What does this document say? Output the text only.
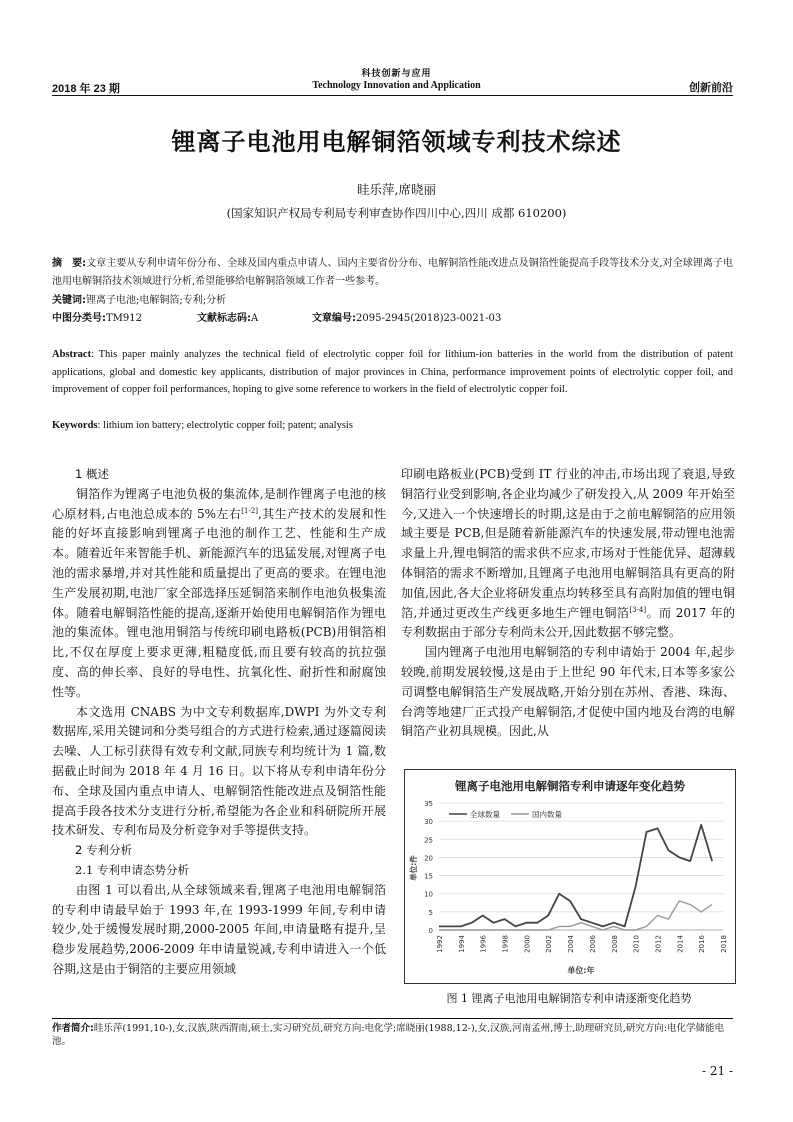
科技创新与应用
2018 年 23 期	Technology Innovation and Application	创新前沿
锂离子电池用电解铜箔领域专利技术综述
眭乐萍,席晓丽
(国家知识产权局专利局专利审查协作四川中心,四川 成都 610200)
摘　要:文章主要从专利申请年份分布、全球及国内重点申请人、国内主要省份分布、电解铜箔性能改进点及铜箔性能提高手段等技术分支,对全球锂离子电池用电解铜箔技术领域进行分析,希望能够给电解铜箔领域工作者一些参考。
关键词:锂离子电池;电解铜箔;专利;分析
中图分类号:TM912	文献标志码:A	文章编号:2095-2945(2018)23-0021-03
Abstract: This paper mainly analyzes the technical field of electrolytic copper foil for lithium-ion batteries in the world from the distribution of patent applications, global and domestic key applicants, distribution of major provinces in China, performance improvement points of electrolytic copper foil, and improvement of copper foil performances, hoping to give some reference to workers in the field of electrolytic copper foil.
Keywords: lithium ion battery; electrolytic copper foil; patent; analysis
1 概述

铜箔作为锂离子电池负极的集流体,是制作锂离子电池的核心原材料,占电池总成本的 5%左右[1-2],其生产技术的发展和性能的好坏直接影响到锂离子电池的制作工艺、性能和生产成本。随着近年来智能手机、新能源汽车的迅猛发展,对锂离子电池的需求暴增,并对其性能和质量提出了更高的要求。在锂电池生产发展初期,电池厂家全部选择压延铜箔来制作电池负极集流体。随着电解铜箔性能的提高,逐渐开始使用电解铜箔作为锂电池的集流体。锂电池用铜箔与传统印刷电路板(PCB)用铜箔相比,不仅在厚度上要求更薄,粗糙度低,而且要有较高的抗拉强度、高的伸长率、良好的导电性、抗氧化性、耐折性和耐腐蚀性等。

本文选用 CNABS 为中文专利数据库,DWPI 为外文专利数据库,采用关键词和分类号组合的方式进行检索,通过逐篇阅读去噪、人工标引获得有效专利文献,同族专利均统计为 1 篇,数据截止时间为 2018 年 4 月 16 日。以下将从专利申请年份分布、全球及国内重点申请人、电解铜箔性能改进点及铜箔性能提高手段各技术分支进行分析,希望能为各企业和科研院所开展技术研发、专利布局及分析竞争对手等提供支持。

2 专利分析
2.1 专利申请态势分析

由图 1 可以看出,从全球领域来看,锂离子电池用电解铜箔的专利申请最早始于 1993 年,在 1993-1999 年间,专利申请较少,处于缓慢发展时期,2000-2005 年间,申请量略有提升,呈稳步发展趋势,2006-2009 年申请量锐减,专利申请进入一个低谷期,这是由于铜箔的主要应用领域

印刷电路板业(PCB)受到 IT 行业的冲击,市场出现了衰退,导致铜箔行业受到影响,各企业均减少了研发投入,从 2009 年开始至今,又进入一个快速增长的时期,这是由于之前电解铜箔的应用领域主要是 PCB,但是随着新能源汽车的快速发展,带动锂电池需求量上升,锂电铜箔的需求供不应求,市场对于性能优异、超薄载体铜箔的需求不断增加,且锂离子电池用电解铜箔具有更高的附加值,因此,各大企业将研发重点均转移至具有高附加值的锂电铜箔,并通过更改生产线更多地生产锂电铜箔[3-4]。而 2017 年的专利数据由于部分专利尚未公开,因此数据不够完整。

国内锂离子电池用电解铜箔的专利申请始于 2004 年,起步较晚,前期发展较慢,这是由于上世纪 90 年代末,日本等多家公司调整电解铜箔生产发展战略,开始分别在苏州、香港、珠海、台湾等地建厂正式投产电解铜箔,才促使中国内地及台湾的电解铜箔产业初具规模。因此,从

锂离子电池用电解铜箔专利申请逐年变化趋势
0
5
10
15
20
25
30
35
1992 1994 1996 1998 2000 2002 2004 2006 2008 2010 2012 2014 2016 2018
单位:件
单位:年
全球数量	国内数量
图 1 锂离子电池用电解铜箔专利申请逐渐变化趋势
作者简介:眭乐萍(1991,10-),女,汉族,陕西渭南,硕士,实习研究员,研究方向:电化学;席晓丽(1988,12-),女,汉族,河南孟州,博士,助理研究员,研究方向:电化学储能电池。
- 21 -
